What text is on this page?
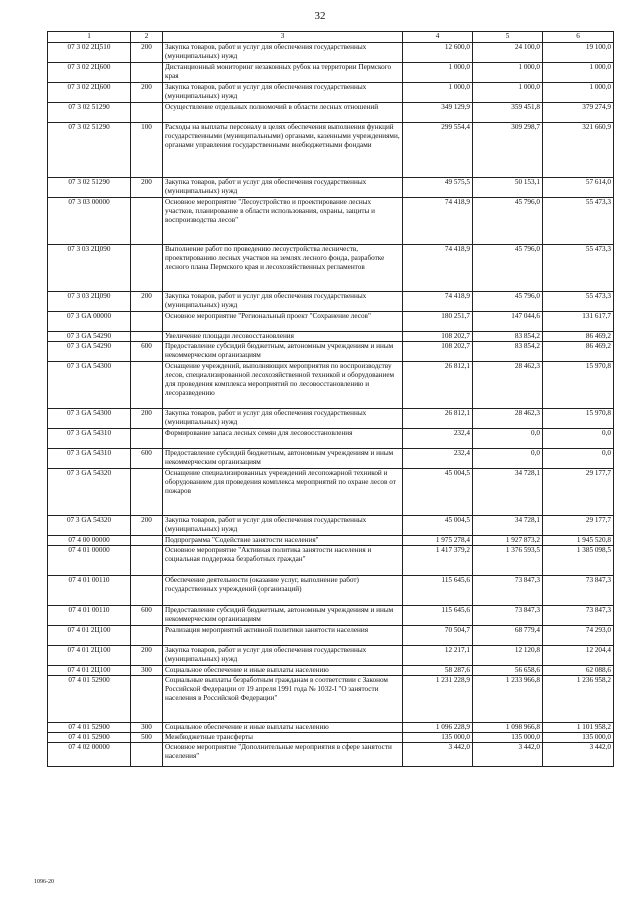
32
1	2	3	4	5	6
07 3 02 2Ц510	200	Закупка товаров, работ и услуг для обеспечения государственных (муниципальных) нужд	12 600,0	24 100,0	19 100,0
07 3 02 2Ц600		Дистанционный мониторинг незаконных рубок на территории Пермского края	1 000,0	1 000,0	1 000,0
07 3 02 2Ц600	200	Закупка товаров, работ и услуг для обеспечения государственных (муниципальных) нужд	1 000,0	1 000,0	1 000,0
07 3 02 51290		Осуществление отдельных полномочий в области лесных отношений	349 129,9	359 451,8	379 274,9
07 3 02 51290	100	Расходы на выплаты персоналу в целях обеспечения выполнения функций государственными (муниципальными) органами, казенными учреждениями, органами управления государственными внебюджетными фондами	299 554,4	309 298,7	321 660,9
07 3 02 51290	200	Закупка товаров, работ и услуг для обеспечения государственных (муниципальных) нужд	49 575,5	50 153,1	57 614,0
07 3 03 00000		Основное мероприятие "Лесоустройство и проектирование лесных участков, планирование в области использования, охраны, защиты и воспроизводства лесов"	74 418,9	45 796,0	55 473,3
07 3 03 2Ц090		Выполнение работ по проведению лесоустройства лесничеств, проектированию лесных участков на землях лесного фонда, разработке лесного плана Пермского края и лесохозяйственных регламентов	74 418,9	45 796,0	55 473,3
07 3 03 2Ц090	200	Закупка товаров, работ и услуг для обеспечения государственных (муниципальных) нужд	74 418,9	45 796,0	55 473,3
07 3 GA 00000		Основное мероприятие "Региональный проект "Сохранение лесов"	180 251,7	147 044,6	131 617,7
07 3 GA 54290		Увеличение площади лесовосстановления	108 202,7	83 854,2	86 469,2
07 3 GA 54290	600	Предоставление субсидий бюджетным, автономным учреждениям и иным некоммерческим организациям	108 202,7	83 854,2	86 469,2
07 3 GA 54300		Оснащение учреждений, выполняющих мероприятия по воспроизводству лесов, специализированной лесохозяйственной техникой и оборудованием для проведения комплекса мероприятий по лесовосстановлению и лесоразведению	26 812,1	28 462,3	15 970,8
07 3 GA 54300	200	Закупка товаров, работ и услуг для обеспечения государственных (муниципальных) нужд	26 812,1	28 462,3	15 970,8
07 3 GA 54310		Формирование запаса лесных семян для лесовосстановления	232,4	0,0	0,0
07 3 GA 54310	600	Предоставление субсидий бюджетным, автономным учреждениям и иным некоммерческим организациям	232,4	0,0	0,0
07 3 GA 54320		Оснащение специализированных учреждений лесопожарной техникой и оборудованием для проведения комплекса мероприятий по охране лесов от пожаров	45 004,5	34 728,1	29 177,7
07 3 GA 54320	200	Закупка товаров, работ и услуг для обеспечения государственных (муниципальных) нужд	45 004,5	34 728,1	29 177,7
07 4 00 00000		Подпрограмма "Содействие занятости населения"	1 975 278,4	1 927 873,2	1 945 520,8
07 4 01 00000		Основное мероприятие "Активная политика занятости населения и социальная поддержка безработных граждан"	1 417 379,2	1 376 593,5	1 385 098,5
07 4 01 00110		Обеспечение деятельности (оказание услуг, выполнение работ) государственных учреждений (организаций)	115 645,6	73 847,3	73 847,3
07 4 01 00110	600	Предоставление субсидий бюджетным, автономным учреждениям и иным некоммерческим организациям	115 645,6	73 847,3	73 847,3
07 4 01 2Ц100		Реализация мероприятий активной политики занятости населения	70 504,7	68 779,4	74 293,0
07 4 01 2Ц100	200	Закупка товаров, работ и услуг для обеспечения государственных (муниципальных) нужд	12 217,1	12 120,8	12 204,4
07 4 01 2Ц100	300	Социальное обеспечение и иные выплаты населению	58 287,6	56 658,6	62 088,6
07 4 01 52900		Социальные выплаты безработным гражданам в соответствии с Законом Российской Федерации от 19 апреля 1991 года № 1032-I "О занятости населения в Российской Федерации"	1 231 228,9	1 233 966,8	1 236 958,2
07 4 01 52900	300	Социальное обеспечение и иные выплаты населению	1 096 228,9	1 098 966,8	1 101 958,2
07 4 01 52900	500	Межбюджетные трансферты	135 000,0	135 000,0	135 000,0
07 4 02 00000		Основное мероприятие "Дополнительные мероприятия в сфере занятости населения"	3 442,0	3 442,0	3 442,0
1096-20
